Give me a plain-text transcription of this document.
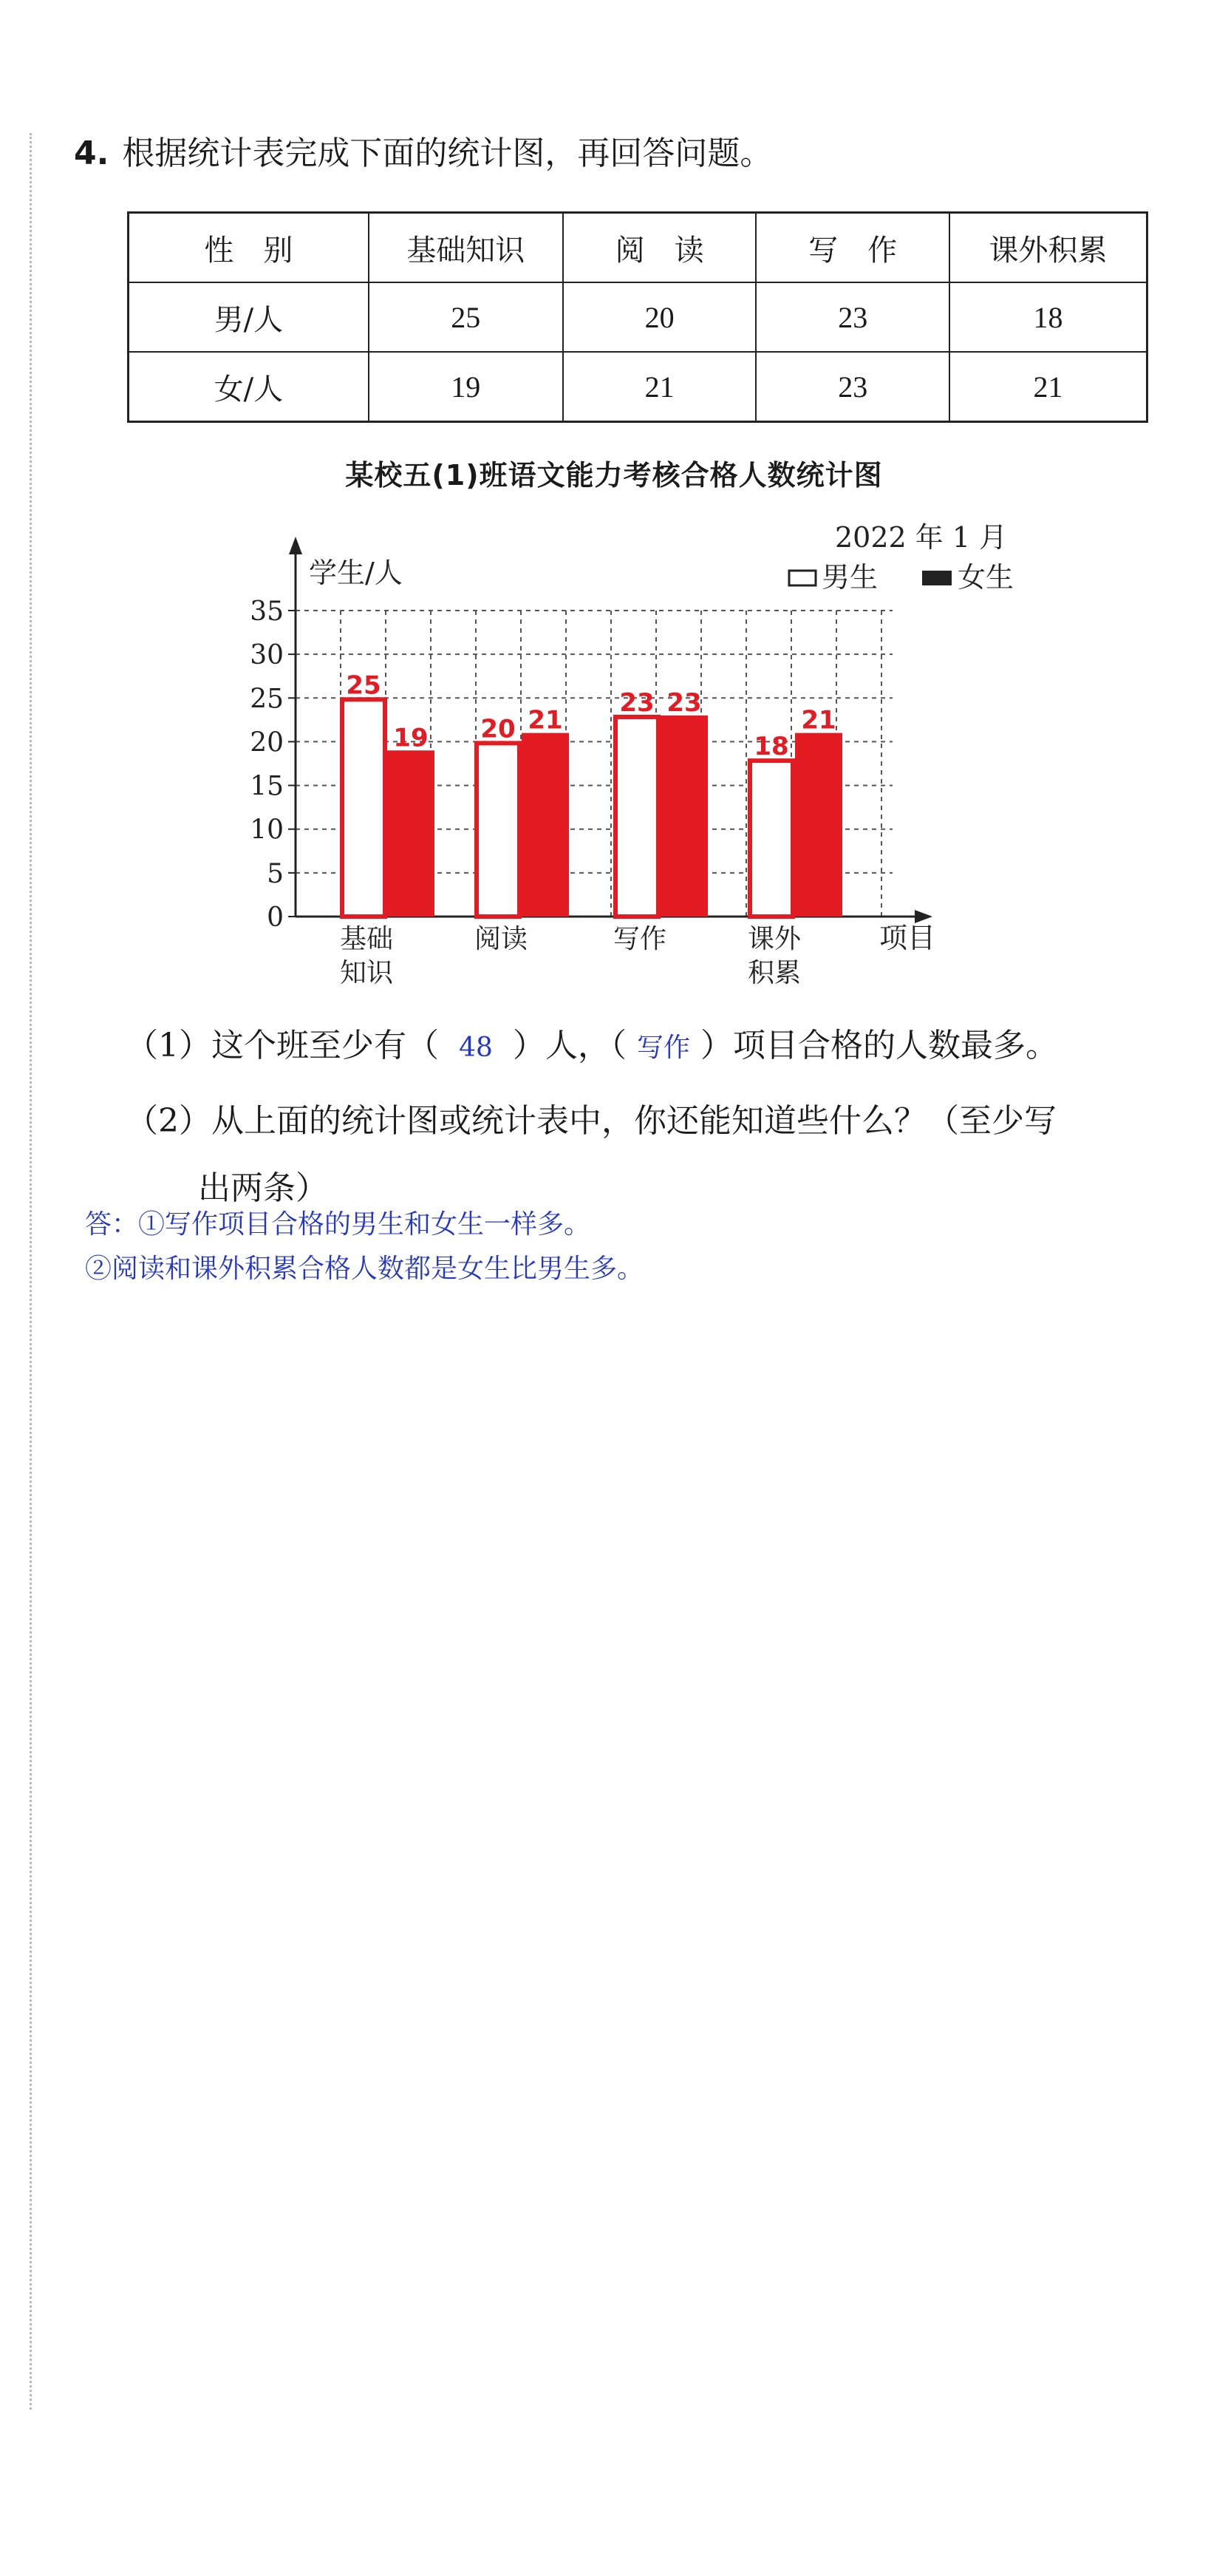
4. 根据统计表完成下面的统计图，再回答问题。
性　别	基础知识	阅　读	写　作	课外积累
男/人	25	20	23	18
女/人	19	21	23	21
某校五(1)班语文能力考核合格人数统计图
0
5
10
15
20
25
30
35
学生/人
项目
2022 年 1 月
男生	女生
25
19 20 21
23 23
18
21
基础
知识
阅读	写作	课外
积累
（1）这个班至少有（ 48 ）人，（ 写作 ）项目合格的人数最多。
（2）从上面的统计图或统计表中，你还能知道些什么？（至少写
出两条）
答：①写作项目合格的男生和女生一样多。
②阅读和课外积累合格人数都是女生比男生多。
